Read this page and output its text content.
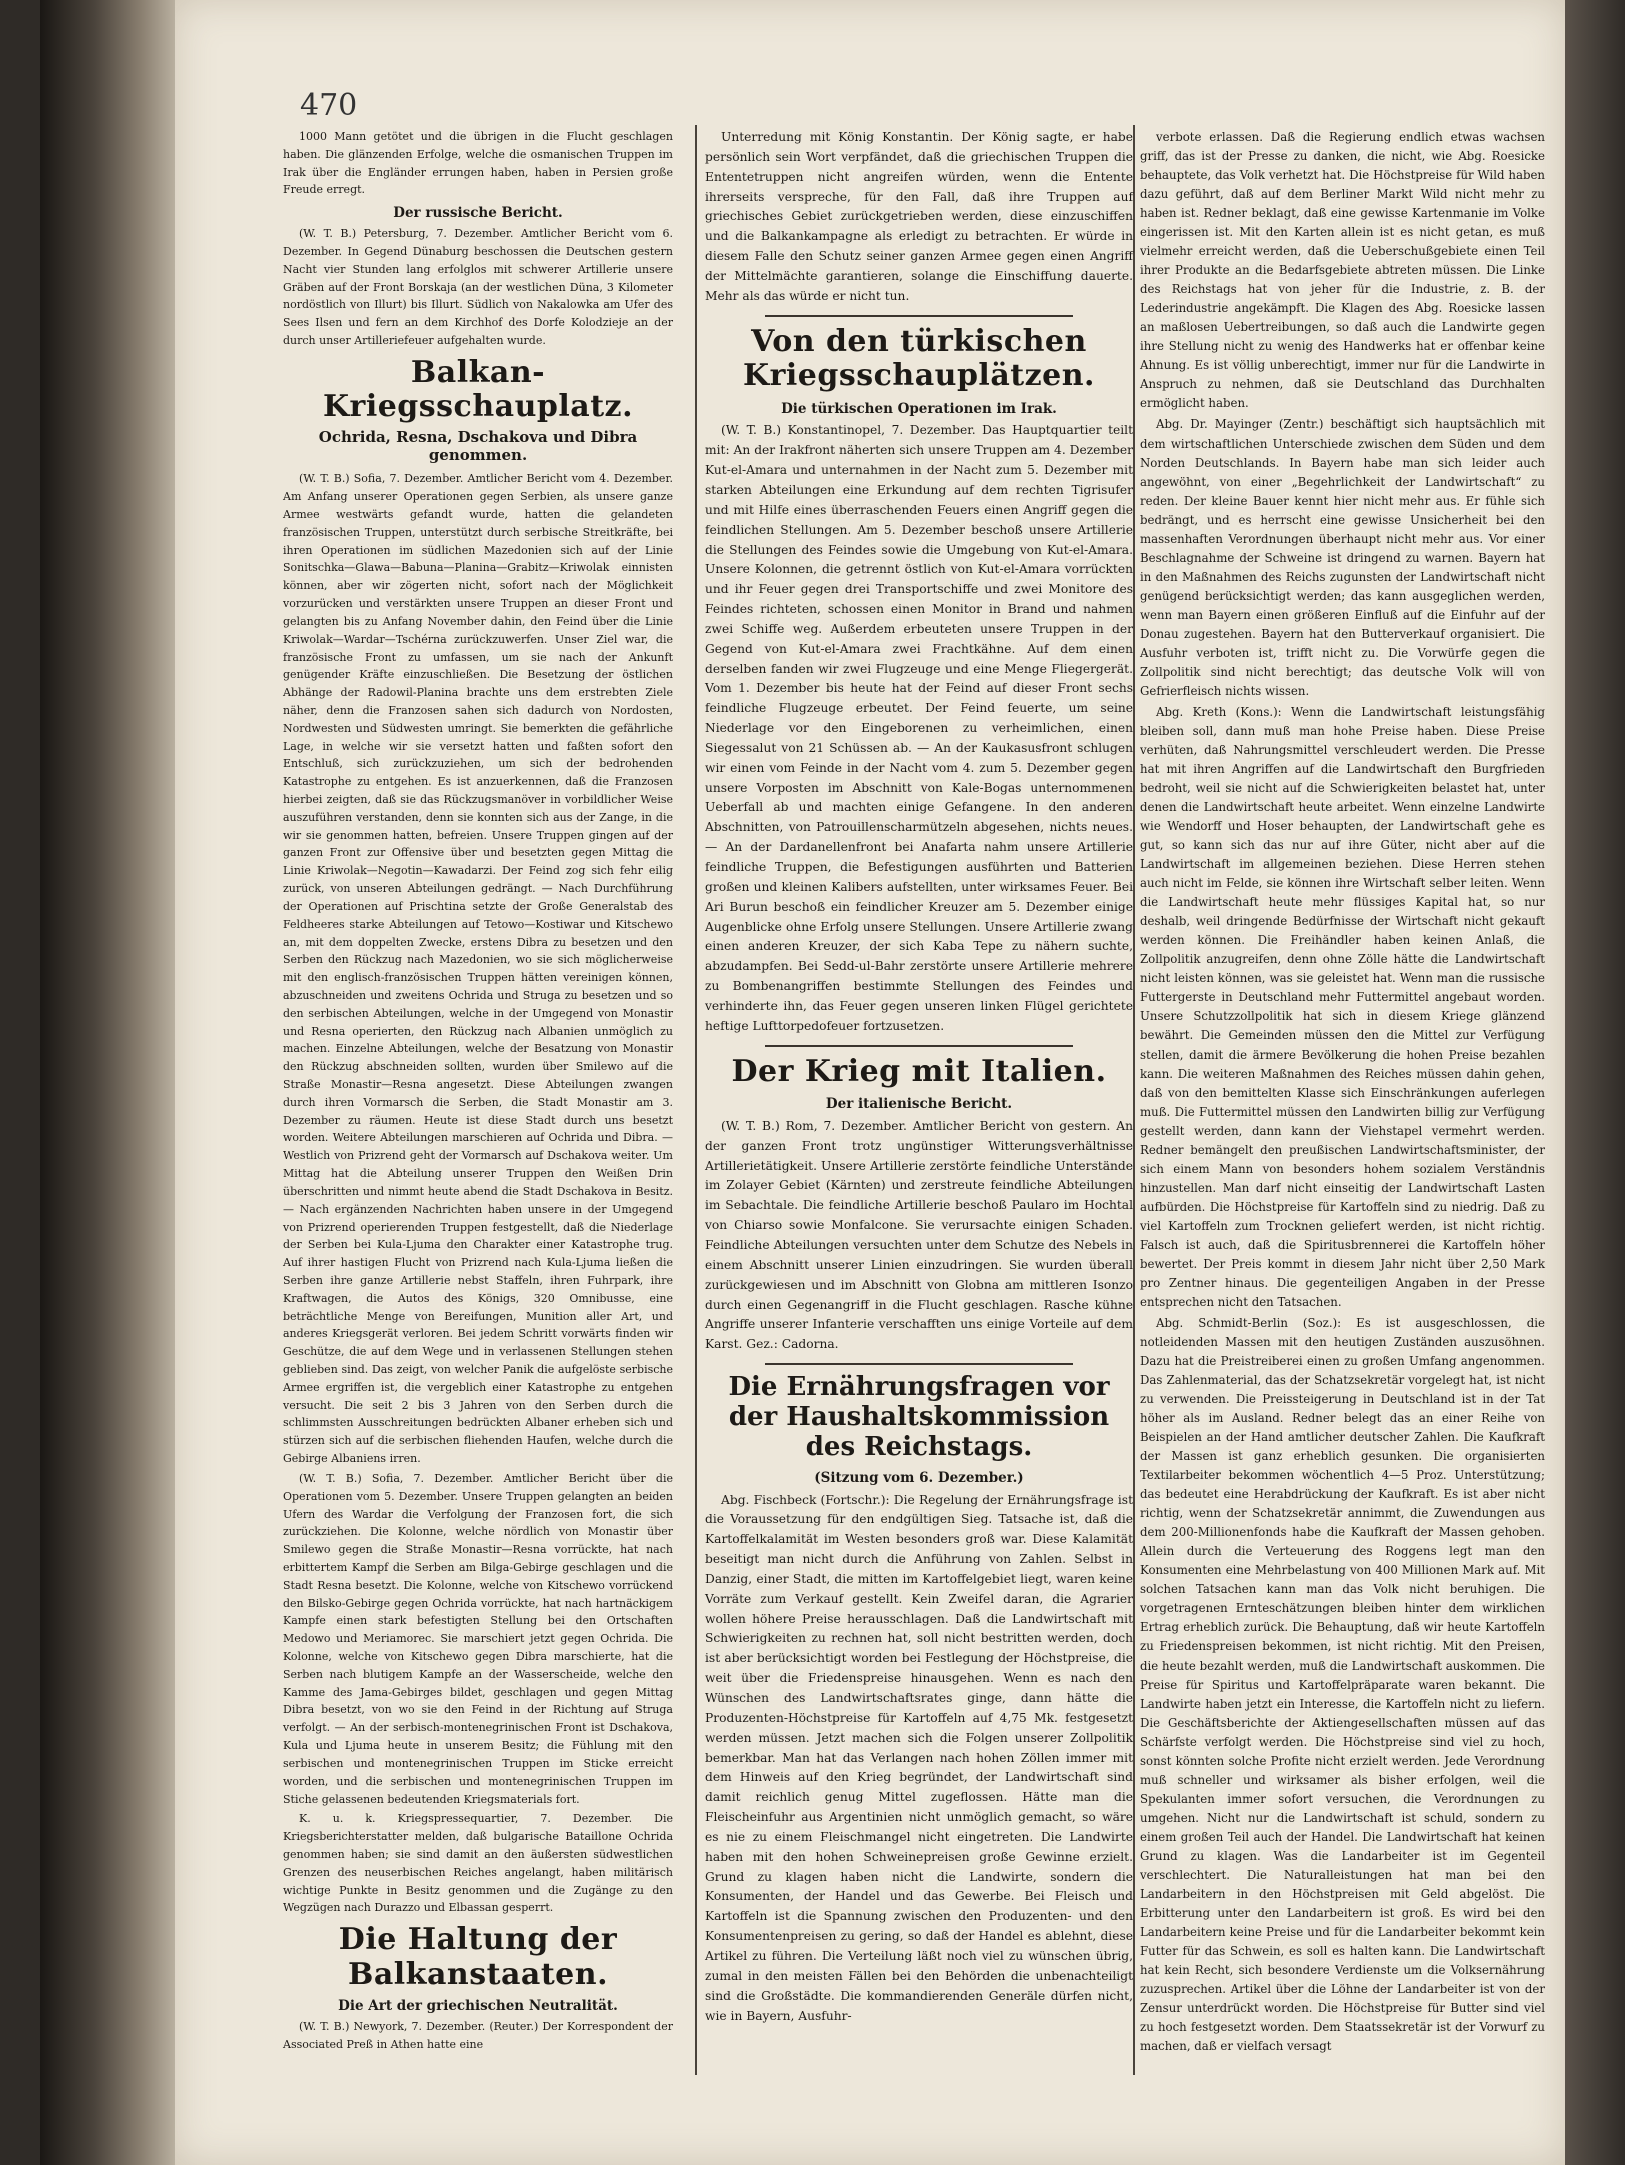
470

1000 Mann getötet und die übrigen in die Flucht geschlagen haben. Die glänzenden Erfolge, welche die osmanischen Truppen im Irak über die Engländer errungen haben, haben in Persien große Freude erregt.

Der russische Bericht.

(W. T. B.) Petersburg, 7. Dezember. Amtlicher Bericht vom 6. Dezember. In Gegend Dünaburg beschossen die Deutschen gestern Nacht vier Stunden lang erfolglos mit schwerer Artillerie unsere Gräben auf der Front Borskaja (an der westlichen Düna, 3 Kilometer nordöstlich von Illurt) bis Illurt. Südlich von Nakalowka am Ufer des Sees Ilsen und fern an dem Kirchhof des Dorfe Kolodzieje an der durch unser Artilleriefeuer aufgehalten wurde.

Balkan-Kriegsschauplatz.
Ochrida, Resna, Dschakova und Dibra genommen.

(W. T. B.) Sofia, 7. Dezember. Amtlicher Bericht vom 4. Dezember. Am Anfang unserer Operationen gegen Serbien, als unsere ganze Armee westwärts gefandt wurde, hatten die gelandeten französischen Truppen, unterstützt durch serbische Streitkräfte, bei ihren Operationen im südlichen Mazedonien sich auf der Linie Sonitschka—Glawa—Babuna—Planina—Grabitz—Kriwolak einnisten können, aber wir zögerten nicht, sofort nach der Möglichkeit vorzurücken und verstärkten unsere Truppen an dieser Front und gelangten bis zu Anfang November dahin, den Feind über die Linie Kriwolak—Wardar—Tschérna zurückzuwerfen. Unser Ziel war, die französische Front zu umfassen, um sie nach der Ankunft genügender Kräfte einzuschließen. Die Besetzung der östlichen Abhänge der Radowil-Planina brachte uns dem erstrebten Ziele näher, denn die Franzosen sahen sich dadurch von Nordosten, Nordwesten und Südwesten umringt. Sie bemerkten die gefährliche Lage, in welche wir sie versetzt hatten und faßten sofort den Entschluß, sich zurückzuziehen, um sich der bedrohenden Katastrophe zu entgehen. Es ist anzuerkennen, daß die Franzosen hierbei zeigten, daß sie das Rückzugsmanöver in vorbildlicher Weise auszuführen verstanden, denn sie konnten sich aus der Zange, in die wir sie genommen hatten, befreien. Unsere Truppen gingen auf der ganzen Front zur Offensive über und besetzten gegen Mittag die Linie Kriwolak—Negotin—Kawadarzi. Der Feind zog sich fehr eilig zurück, von unseren Abteilungen gedrängt. — Nach Durchführung der Operationen auf Prischtina setzte der Große Generalstab des Feldheeres starke Abteilungen auf Tetowo—Kostiwar und Kitschewo an, mit dem doppelten Zwecke, erstens Dibra zu besetzen und den Serben den Rückzug nach Mazedonien, wo sie sich möglicherweise mit den englisch-französischen Truppen hätten vereinigen können, abzuschneiden und zweitens Ochrida und Struga zu besetzen und so den serbischen Abteilungen, welche in der Umgegend von Monastir und Resna operierten, den Rückzug nach Albanien unmöglich zu machen. Einzelne Abteilungen, welche der Besatzung von Monastir den Rückzug abschneiden sollten, wurden über Smilewo auf die Straße Monastir—Resna angesetzt. Diese Abteilungen zwangen durch ihren Vormarsch die Serben, die Stadt Monastir am 3. Dezember zu räumen. Heute ist diese Stadt durch uns besetzt worden. Weitere Abteilungen marschieren auf Ochrida und Dibra. — Westlich von Prizrend geht der Vormarsch auf Dschakova weiter. Um Mittag hat die Abteilung unserer Truppen den Weißen Drin überschritten und nimmt heute abend die Stadt Dschakova in Besitz. — Nach ergänzenden Nachrichten haben unsere in der Umgegend von Prizrend operierenden Truppen festgestellt, daß die Niederlage der Serben bei Kula-Ljuma den Charakter einer Katastrophe trug. Auf ihrer hastigen Flucht von Prizrend nach Kula-Ljuma ließen die Serben ihre ganze Artillerie nebst Staffeln, ihren Fuhrpark, ihre Kraftwagen, die Autos des Königs, 320 Omnibusse, eine beträchtliche Menge von Bereifungen, Munition aller Art, und anderes Kriegsgerät verloren. Bei jedem Schritt vorwärts finden wir Geschütze, die auf dem Wege und in verlassenen Stellungen stehen geblieben sind. Das zeigt, von welcher Panik die aufgelöste serbische Armee ergriffen ist, die vergeblich einer Katastrophe zu entgehen versucht. Die seit 2 bis 3 Jahren von den Serben durch die schlimmsten Ausschreitungen bedrückten Albaner erheben sich und stürzen sich auf die serbischen fliehenden Haufen, welche durch die Gebirge Albaniens irren.

(W. T. B.) Sofia, 7. Dezember. Amtlicher Bericht über die Operationen vom 5. Dezember. Unsere Truppen gelangten an beiden Ufern des Wardar die Verfolgung der Franzosen fort, die sich zurückziehen. Die Kolonne, welche nördlich von Monastir über Smilewo gegen die Straße Monastir—Resna vorrückte, hat nach erbittertem Kampf die Serben am Bilga-Gebirge geschlagen und die Stadt Resna besetzt. Die Kolonne, welche von Kitschewo vorrückend den Bilsko-Gebirge gegen Ochrida vorrückte, hat nach hartnäckigem Kampfe einen stark befestigten Stellung bei den Ortschaften Medowo und Meriamorec. Sie marschiert jetzt gegen Ochrida. Die Kolonne, welche von Kitschewo gegen Dibra marschierte, hat die Serben nach blutigem Kampfe an der Wasserscheide, welche den Kamme des Jama-Gebirges bildet, geschlagen und gegen Mittag Dibra besetzt, von wo sie den Feind in der Richtung auf Struga verfolgt. — An der serbisch-montenegrinischen Front ist Dschakova, Kula und Ljuma heute in unserem Besitz; die Fühlung mit den serbischen und montenegrinischen Truppen im Sticke erreicht worden, und die serbischen und montenegrinischen Truppen im Stiche gelassenen bedeutenden Kriegsmaterials fort.

K. u. k. Kriegspressequartier, 7. Dezember. Die Kriegsberichterstatter melden, daß bulgarische Bataillone Ochrida genommen haben; sie sind damit an den äußersten südwestlichen Grenzen des neuserbischen Reiches angelangt, haben militärisch wichtige Punkte in Besitz genommen und die Zugänge zu den Wegzügen nach Durazzo und Elbassan gesperrt.

Die Haltung der Balkanstaaten.
Die Art der griechischen Neutralität.

(W. T. B.) Newyork, 7. Dezember. (Reuter.) Der Korrespondent der Associated Preß in Athen hatte eine

Unterredung mit König Konstantin. Der König sagte, er habe persönlich sein Wort verpfändet, daß die griechischen Truppen die Ententetruppen nicht angreifen würden, wenn die Entente ihrerseits verspreche, für den Fall, daß ihre Truppen auf griechisches Gebiet zurückgetrieben werden, diese einzuschiffen und die Balkankampagne als erledigt zu betrachten. Er würde in diesem Falle den Schutz seiner ganzen Armee gegen einen Angriff der Mittelmächte garantieren, solange die Einschiffung dauerte. Mehr als das würde er nicht tun.

Von den türkischen Kriegsschauplätzen.
Die türkischen Operationen im Irak.

(W. T. B.) Konstantinopel, 7. Dezember. Das Hauptquartier teilt mit: An der Irakfront näherten sich unsere Truppen am 4. Dezember Kut-el-Amara und unternahmen in der Nacht zum 5. Dezember mit starken Abteilungen eine Erkundung auf dem rechten Tigrisufer und mit Hilfe eines überraschenden Feuers einen Angriff gegen die feindlichen Stellungen. Am 5. Dezember beschoß unsere Artillerie die Stellungen des Feindes sowie die Umgebung von Kut-el-Amara. Unsere Kolonnen, die getrennt östlich von Kut-el-Amara vorrückten und ihr Feuer gegen drei Transportschiffe und zwei Monitore des Feindes richteten, schossen einen Monitor in Brand und nahmen zwei Schiffe weg. Außerdem erbeuteten unsere Truppen in der Gegend von Kut-el-Amara zwei Frachtkähne. Auf dem einen derselben fanden wir zwei Flugzeuge und eine Menge Fliegergerät. Vom 1. Dezember bis heute hat der Feind auf dieser Front sechs feindliche Flugzeuge erbeutet. Der Feind feuerte, um seine Niederlage vor den Eingeborenen zu verheimlichen, einen Siegessalut von 21 Schüssen ab. — An der Kaukasusfront schlugen wir einen vom Feinde in der Nacht vom 4. zum 5. Dezember gegen unsere Vorposten im Abschnitt von Kale-Bogas unternommenen Ueberfall ab und machten einige Gefangene. In den anderen Abschnitten, von Patrouillenscharmützeln abgesehen, nichts neues. — An der Dardanellenfront bei Anafarta nahm unsere Artillerie feindliche Truppen, die Befestigungen ausführten und Batterien großen und kleinen Kalibers aufstellten, unter wirksames Feuer. Bei Ari Burun beschoß ein feindlicher Kreuzer am 5. Dezember einige Augenblicke ohne Erfolg unsere Stellungen. Unsere Artillerie zwang einen anderen Kreuzer, der sich Kaba Tepe zu nähern suchte, abzudampfen. Bei Sedd-ul-Bahr zerstörte unsere Artillerie mehrere zu Bombenangriffen bestimmte Stellungen des Feindes und verhinderte ihn, das Feuer gegen unseren linken Flügel gerichtete heftige Lufttorpedofeuer fortzusetzen.

Der Krieg mit Italien.
Der italienische Bericht.

(W. T. B.) Rom, 7. Dezember. Amtlicher Bericht von gestern. An der ganzen Front trotz ungünstiger Witterungsverhältnisse Artillerietätigkeit. Unsere Artillerie zerstörte feindliche Unterstände im Zolayer Gebiet (Kärnten) und zerstreute feindliche Abteilungen im Sebachtale. Die feindliche Artillerie beschoß Paularo im Hochtal von Chiarso sowie Monfalcone. Sie verursachte einigen Schaden. Feindliche Abteilungen versuchten unter dem Schutze des Nebels in einem Abschnitt unserer Linien einzudringen. Sie wurden überall zurückgewiesen und im Abschnitt von Globna am mittleren Isonzo durch einen Gegenangriff in die Flucht geschlagen. Rasche kühne Angriffe unserer Infanterie verschafften uns einige Vorteile auf dem Karst. Gez.: Cadorna.

Die Ernährungsfragen vor der Haushaltskommission des Reichstags.
(Sitzung vom 6. Dezember.)

Abg. Fischbeck (Fortschr.): Die Regelung der Ernährungsfrage ist die Voraussetzung für den endgültigen Sieg. Tatsache ist, daß die Kartoffelkalamität im Westen besonders groß war. Diese Kalamität beseitigt man nicht durch die Anführung von Zahlen. Selbst in Danzig, einer Stadt, die mitten im Kartoffelgebiet liegt, waren keine Vorräte zum Verkauf gestellt. Kein Zweifel daran, die Agrarier wollen höhere Preise herausschlagen. Daß die Landwirtschaft mit Schwierigkeiten zu rechnen hat, soll nicht bestritten werden, doch ist aber berücksichtigt worden bei Festlegung der Höchstpreise, die weit über die Friedenspreise hinausgehen. Wenn es nach den Wünschen des Landwirtschaftsrates ginge, dann hätte die Produzenten-Höchstpreise für Kartoffeln auf 4,75 Mk. festgesetzt werden müssen. Jetzt machen sich die Folgen unserer Zollpolitik bemerkbar. Man hat das Verlangen nach hohen Zöllen immer mit dem Hinweis auf den Krieg begründet, der Landwirtschaft sind damit reichlich genug Mittel zugeflossen. Hätte man die Fleischeinfuhr aus Argentinien nicht unmöglich gemacht, so wäre es nie zu einem Fleischmangel nicht eingetreten. Die Landwirte haben mit den hohen Schweinepreisen große Gewinne erzielt. Grund zu klagen haben nicht die Landwirte, sondern die Konsumenten, der Handel und das Gewerbe. Bei Fleisch und Kartoffeln ist die Spannung zwischen den Produzenten- und den Konsumentenpreisen zu gering, so daß der Handel es ablehnt, diese Artikel zu führen. Die Verteilung läßt noch viel zu wünschen übrig, zumal in den meisten Fällen bei den Behörden die unbenachteiligt sind die Großstädte. Die kommandierenden Generäle dürfen nicht, wie in Bayern, Ausfuhr-

verbote erlassen. Daß die Regierung endlich etwas wachsen griff, das ist der Presse zu danken, die nicht, wie Abg. Roesicke behauptete, das Volk verhetzt hat. Die Höchstpreise für Wild haben dazu geführt, daß auf dem Berliner Markt Wild nicht mehr zu haben ist. Redner beklagt, daß eine gewisse Kartenmanie im Volke eingerissen ist. Mit den Karten allein ist es nicht getan, es muß vielmehr erreicht werden, daß die Ueberschußgebiete einen Teil ihrer Produkte an die Bedarfsgebiete abtreten müssen. Die Linke des Reichstags hat von jeher für die Industrie, z. B. der Lederindustrie angekämpft. Die Klagen des Abg. Roesicke lassen an maßlosen Uebertreibungen, so daß auch die Landwirte gegen ihre Stellung nicht zu wenig des Handwerks hat er offenbar keine Ahnung. Es ist völlig unberechtigt, immer nur für die Landwirte in Anspruch zu nehmen, daß sie Deutschland das Durchhalten ermöglicht haben.

Abg. Dr. Mayinger (Zentr.) beschäftigt sich hauptsächlich mit dem wirtschaftlichen Unterschiede zwischen dem Süden und dem Norden Deutschlands. In Bayern habe man sich leider auch angewöhnt, von einer „Begehrlichkeit der Landwirtschaft“ zu reden. Der kleine Bauer kennt hier nicht mehr aus. Er fühle sich bedrängt, und es herrscht eine gewisse Unsicherheit bei den massenhaften Verordnungen überhaupt nicht mehr aus. Vor einer Beschlagnahme der Schweine ist dringend zu warnen. Bayern hat in den Maßnahmen des Reichs zugunsten der Landwirtschaft nicht genügend berücksichtigt werden; das kann ausgeglichen werden, wenn man Bayern einen größeren Einfluß auf die Einfuhr auf der Donau zugestehen. Bayern hat den Butterverkauf organisiert. Die Ausfuhr verboten ist, trifft nicht zu. Die Vorwürfe gegen die Zollpolitik sind nicht berechtigt; das deutsche Volk will von Gefrierfleisch nichts wissen.

Abg. Kreth (Kons.): Wenn die Landwirtschaft leistungsfähig bleiben soll, dann muß man hohe Preise haben. Diese Preise verhüten, daß Nahrungsmittel verschleudert werden. Die Presse hat mit ihren Angriffen auf die Landwirtschaft den Burgfrieden bedroht, weil sie nicht auf die Schwierigkeiten belastet hat, unter denen die Landwirtschaft heute arbeitet. Wenn einzelne Landwirte wie Wendorff und Hoser behaupten, der Landwirtschaft gehe es gut, so kann sich das nur auf ihre Güter, nicht aber auf die Landwirtschaft im allgemeinen beziehen. Diese Herren stehen auch nicht im Felde, sie können ihre Wirtschaft selber leiten. Wenn die Landwirtschaft heute mehr flüssiges Kapital hat, so nur deshalb, weil dringende Bedürfnisse der Wirtschaft nicht gekauft werden können. Die Freihändler haben keinen Anlaß, die Zollpolitik anzugreifen, denn ohne Zölle hätte die Landwirtschaft nicht leisten können, was sie geleistet hat. Wenn man die russische Futtergerste in Deutschland mehr Futtermittel angebaut worden. Unsere Schutzzollpolitik hat sich in diesem Kriege glänzend bewährt. Die Gemeinden müssen den die Mittel zur Verfügung stellen, damit die ärmere Bevölkerung die hohen Preise bezahlen kann. Die weiteren Maßnahmen des Reiches müssen dahin gehen, daß von den bemittelten Klasse sich Einschränkungen auferlegen muß. Die Futtermittel müssen den Landwirten billig zur Verfügung gestellt werden, dann kann der Viehstapel vermehrt werden. Redner bemängelt den preußischen Landwirtschaftsminister, der sich einem Mann von besonders hohem sozialem Verständnis hinzustellen. Man darf nicht einseitig der Landwirtschaft Lasten aufbürden. Die Höchstpreise für Kartoffeln sind zu niedrig. Daß zu viel Kartoffeln zum Trocknen geliefert werden, ist nicht richtig. Falsch ist auch, daß die Spiritusbrennerei die Kartoffeln höher bewertet. Der Preis kommt in diesem Jahr nicht über 2,50 Mark pro Zentner hinaus. Die gegenteiligen Angaben in der Presse entsprechen nicht den Tatsachen.

Abg. Schmidt-Berlin (Soz.): Es ist ausgeschlossen, die notleidenden Massen mit den heutigen Zuständen auszusöhnen. Dazu hat die Preistreiberei einen zu großen Umfang angenommen. Das Zahlenmaterial, das der Schatzsekretär vorgelegt hat, ist nicht zu verwenden. Die Preissteigerung in Deutschland ist in der Tat höher als im Ausland. Redner belegt das an einer Reihe von Beispielen an der Hand amtlicher deutscher Zahlen. Die Kaufkraft der Massen ist ganz erheblich gesunken. Die organisierten Textilarbeiter bekommen wöchentlich 4—5 Proz. Unterstützung; das bedeutet eine Herabdrückung der Kaufkraft. Es ist aber nicht richtig, wenn der Schatzsekretär annimmt, die Zuwendungen aus dem 200-Millionenfonds habe die Kaufkraft der Massen gehoben. Allein durch die Verteuerung des Roggens legt man den Konsumenten eine Mehrbelastung von 400 Millionen Mark auf. Mit solchen Tatsachen kann man das Volk nicht beruhigen. Die vorgetragenen Ernteschätzungen bleiben hinter dem wirklichen Ertrag erheblich zurück. Die Behauptung, daß wir heute Kartoffeln zu Friedenspreisen bekommen, ist nicht richtig. Mit den Preisen, die heute bezahlt werden, muß die Landwirtschaft auskommen. Die Preise für Spiritus und Kartoffelpräparate waren bekannt. Die Landwirte haben jetzt ein Interesse, die Kartoffeln nicht zu liefern. Die Geschäftsberichte der Aktiengesellschaften müssen auf das Schärfste verfolgt werden. Die Höchstpreise sind viel zu hoch, sonst könnten solche Profite nicht erzielt werden. Jede Verordnung muß schneller und wirksamer als bisher erfolgen, weil die Spekulanten immer sofort versuchen, die Verordnungen zu umgehen. Nicht nur die Landwirtschaft ist schuld, sondern zu einem großen Teil auch der Handel. Die Landwirtschaft hat keinen Grund zu klagen. Was die Landarbeiter ist im Gegenteil verschlechtert. Die Naturalleistungen hat man bei den Landarbeitern in den Höchstpreisen mit Geld abgelöst. Die Erbitterung unter den Landarbeitern ist groß. Es wird bei den Landarbeitern keine Preise und für die Landarbeiter bekommt kein Futter für das Schwein, es soll es halten kann. Die Landwirtschaft hat kein Recht, sich besondere Verdienste um die Volksernährung zuzusprechen. Artikel über die Löhne der Landarbeiter ist von der Zensur unterdrückt worden. Die Höchstpreise für Butter sind viel zu hoch festgesetzt worden. Dem Staatssekretär ist der Vorwurf zu machen, daß er vielfach versagt
